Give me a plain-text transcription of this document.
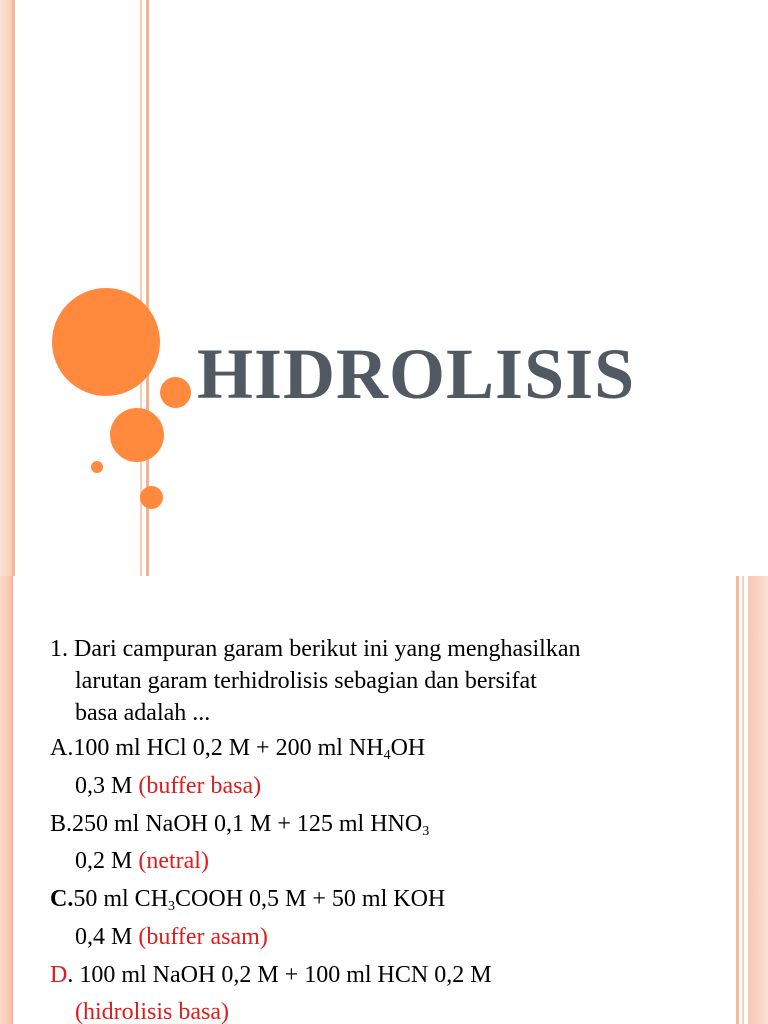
HIDROLISIS
1. Dari campuran garam berikut ini yang menghasilkan
larutan garam terhidrolisis sebagian dan bersifat
basa adalah ...
A.100 ml HCl 0,2 M + 200 ml $NH_4OH$
0,3 M (buffer basa)
B.250 ml NaOH 0,1 M + 125 ml $HNO_3$
0,2 M (netral)
C.50 ml $CH_3COOH$ 0,5 M + 50 ml KOH
0,4 M (buffer asam)
D. 100 ml NaOH 0,2 M + 100 ml HCN 0,2 M
(hidrolisis basa)
